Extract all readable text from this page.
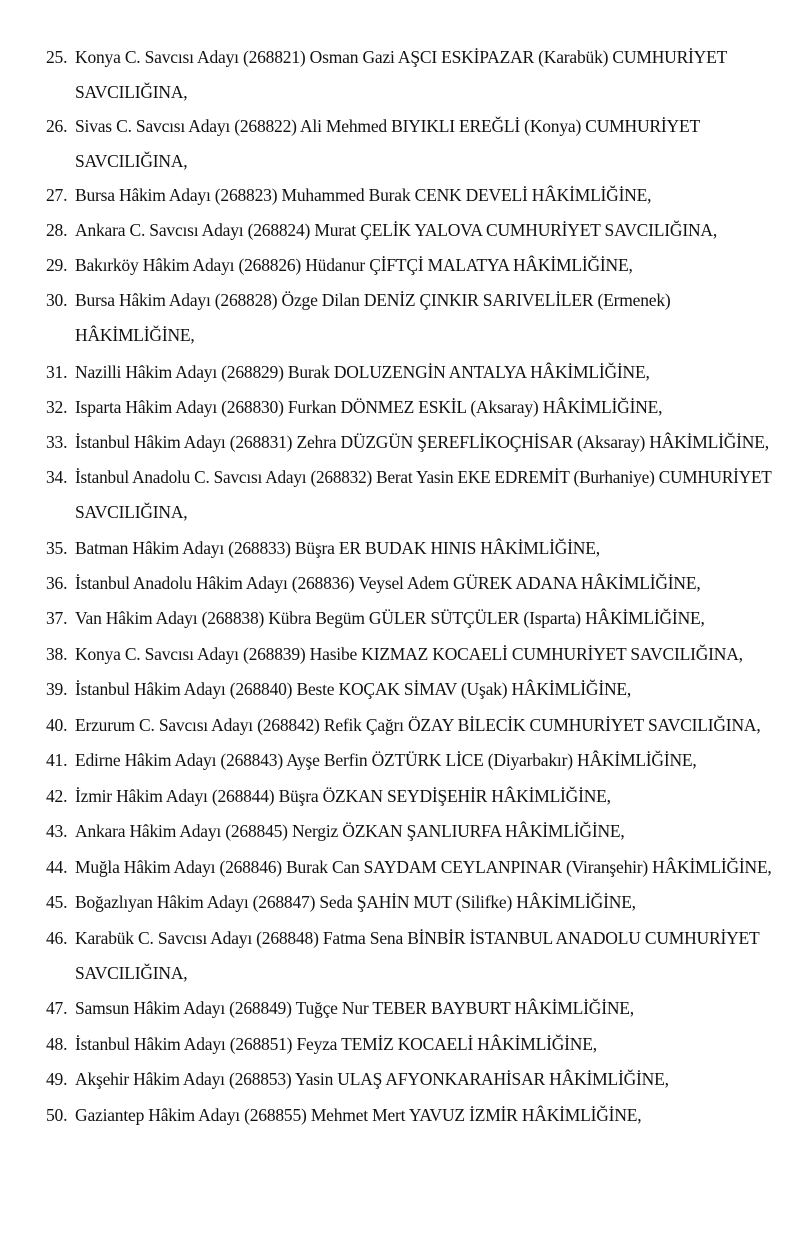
25. Konya C. Savcısı Adayı (268821) Osman Gazi AŞCI ESKİPAZAR (Karabük) CUMHURİYET
SAVCILIĞINA,
26. Sivas C. Savcısı Adayı (268822) Ali Mehmed BIYIKLI EREĞLİ (Konya) CUMHURİYET
SAVCILIĞINA,
27. Bursa Hâkim Adayı (268823) Muhammed Burak CENK DEVELİ HÂKİMLİĞİNE,
28. Ankara C. Savcısı Adayı (268824) Murat ÇELİK YALOVA CUMHURİYET SAVCILIĞINA,
29. Bakırköy Hâkim Adayı (268826) Hüdanur ÇİFTÇİ MALATYA HÂKİMLİĞİNE,
30. Bursa Hâkim Adayı (268828) Özge Dilan DENİZ ÇINKIR SARIVELİLER (Ermenek)
HÂKİMLİĞİNE,
31. Nazilli Hâkim Adayı (268829) Burak DOLUZENGİN ANTALYA HÂKİMLİĞİNE,
32. Isparta Hâkim Adayı (268830) Furkan DÖNMEZ ESKİL (Aksaray) HÂKİMLİĞİNE,
33. İstanbul Hâkim Adayı (268831) Zehra DÜZGÜN ŞEREFLİKOÇHİSAR (Aksaray) HÂKİMLİĞİNE,
34. İstanbul Anadolu C. Savcısı Adayı (268832) Berat Yasin EKE EDREMİT (Burhaniye) CUMHURİYET
SAVCILIĞINA,
35. Batman Hâkim Adayı (268833) Büşra ER BUDAK HINIS HÂKİMLİĞİNE,
36. İstanbul Anadolu Hâkim Adayı (268836) Veysel Adem GÜREK ADANA HÂKİMLİĞİNE,
37. Van Hâkim Adayı (268838) Kübra Begüm GÜLER SÜTÇÜLER (Isparta) HÂKİMLİĞİNE,
38. Konya C. Savcısı Adayı (268839) Hasibe KIZMAZ KOCAELİ CUMHURİYET SAVCILIĞINA,
39. İstanbul Hâkim Adayı (268840) Beste KOÇAK SİMAV (Uşak) HÂKİMLİĞİNE,
40. Erzurum C. Savcısı Adayı (268842) Refik Çağrı ÖZAY BİLECİK CUMHURİYET SAVCILIĞINA,
41. Edirne Hâkim Adayı (268843) Ayşe Berfin ÖZTÜRK LİCE (Diyarbakır) HÂKİMLİĞİNE,
42. İzmir Hâkim Adayı (268844) Büşra ÖZKAN SEYDİŞEHİR HÂKİMLİĞİNE,
43. Ankara Hâkim Adayı (268845) Nergiz ÖZKAN ŞANLIURFA HÂKİMLİĞİNE,
44. Muğla Hâkim Adayı (268846) Burak Can SAYDAM CEYLANPINAR (Viranşehir) HÂKİMLİĞİNE,
45. Boğazlıyan Hâkim Adayı (268847) Seda ŞAHİN MUT (Silifke) HÂKİMLİĞİNE,
46. Karabük C. Savcısı Adayı (268848) Fatma Sena BİNBİR İSTANBUL ANADOLU CUMHURİYET
SAVCILIĞINA,
47. Samsun Hâkim Adayı (268849) Tuğçe Nur TEBER BAYBURT HÂKİMLİĞİNE,
48. İstanbul Hâkim Adayı (268851) Feyza TEMİZ KOCAELİ HÂKİMLİĞİNE,
49. Akşehir Hâkim Adayı (268853) Yasin ULAŞ AFYONKARAHİSAR HÂKİMLİĞİNE,
50. Gaziantep Hâkim Adayı (268855) Mehmet Mert YAVUZ İZMİR HÂKİMLİĞİNE,
